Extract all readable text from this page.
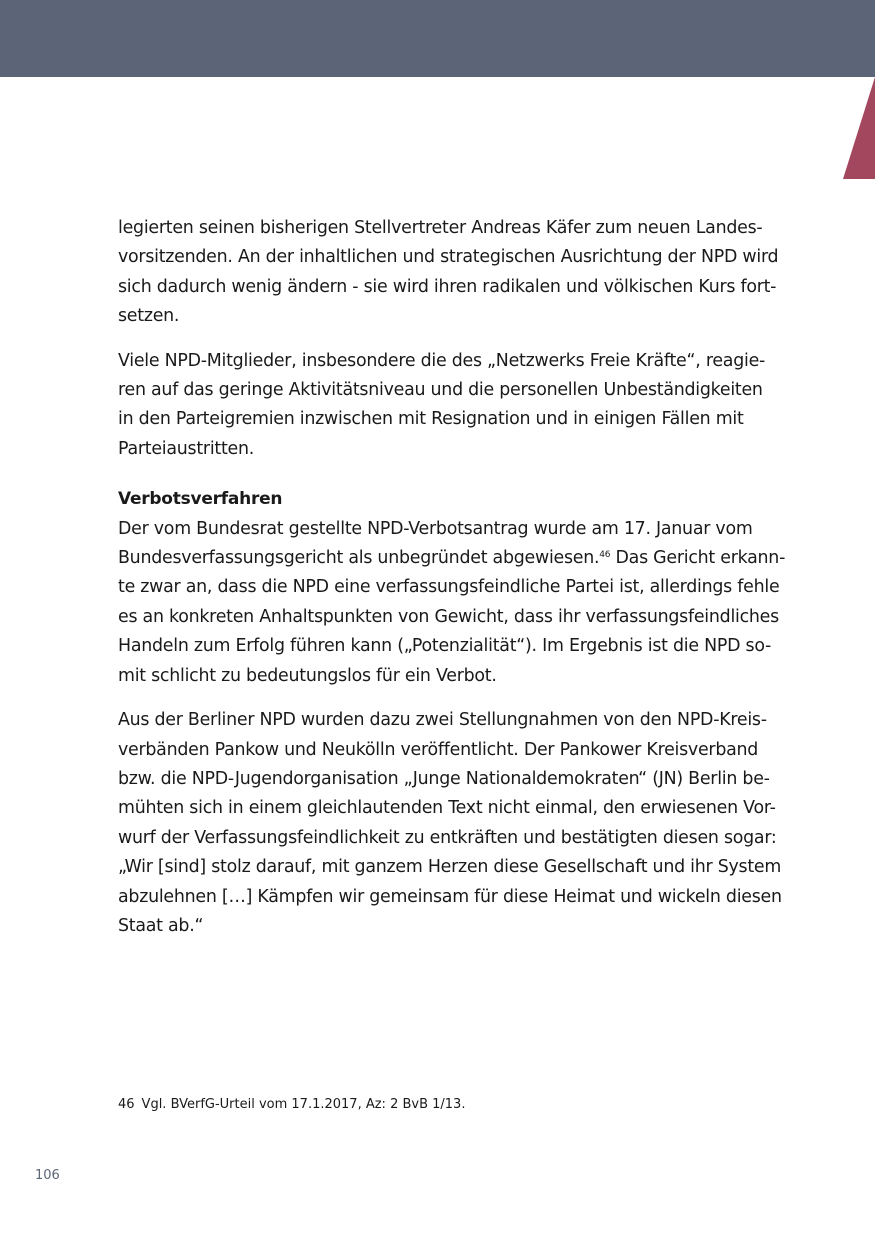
legierten seinen bisherigen Stellvertreter Andreas Käfer zum neuen Landes-
vorsitzenden. An der inhaltlichen und strategischen Ausrichtung der NPD wird
sich dadurch wenig ändern - sie wird ihren radikalen und völkischen Kurs fort-
setzen.

Viele NPD-Mitglieder, insbesondere die des „Netzwerks Freie Kräfte“, reagie-
ren auf das geringe Aktivitätsniveau und die personellen Unbeständigkeiten
in den Parteigremien inzwischen mit Resignation und in einigen Fällen mit
Parteiaustritten.

Verbotsverfahren

Der vom Bundesrat gestellte NPD-Verbotsantrag wurde am 17. Januar vom
Bundesverfassungsgericht als unbegründet abgewiesen.$^{46}$ Das Gericht erkann-
te zwar an, dass die NPD eine verfassungsfeindliche Partei ist, allerdings fehle
es an konkreten Anhaltspunkten von Gewicht, dass ihr verfassungsfeindliches
Handeln zum Erfolg führen kann („Potenzialität“). Im Ergebnis ist die NPD so-
mit schlicht zu bedeutungslos für ein Verbot.

Aus der Berliner NPD wurden dazu zwei Stellungnahmen von den NPD-Kreis-
verbänden Pankow und Neukölln veröffentlicht. Der Pankower Kreisverband
bzw. die NPD-Jugendorganisation „Junge Nationaldemokraten“ (JN) Berlin be-
mühten sich in einem gleichlautenden Text nicht einmal, den erwiesenen Vor-
wurf der Verfassungsfeindlichkeit zu entkräften und bestätigten diesen sogar:
„Wir [sind] stolz darauf, mit ganzem Herzen diese Gesellschaft und ihr System
abzulehnen […] Kämpfen wir gemeinsam für diese Heimat und wickeln diesen
Staat ab.“

46 Vgl. BVerfG-Urteil vom 17.1.2017, Az: 2 BvB 1/13.
106
